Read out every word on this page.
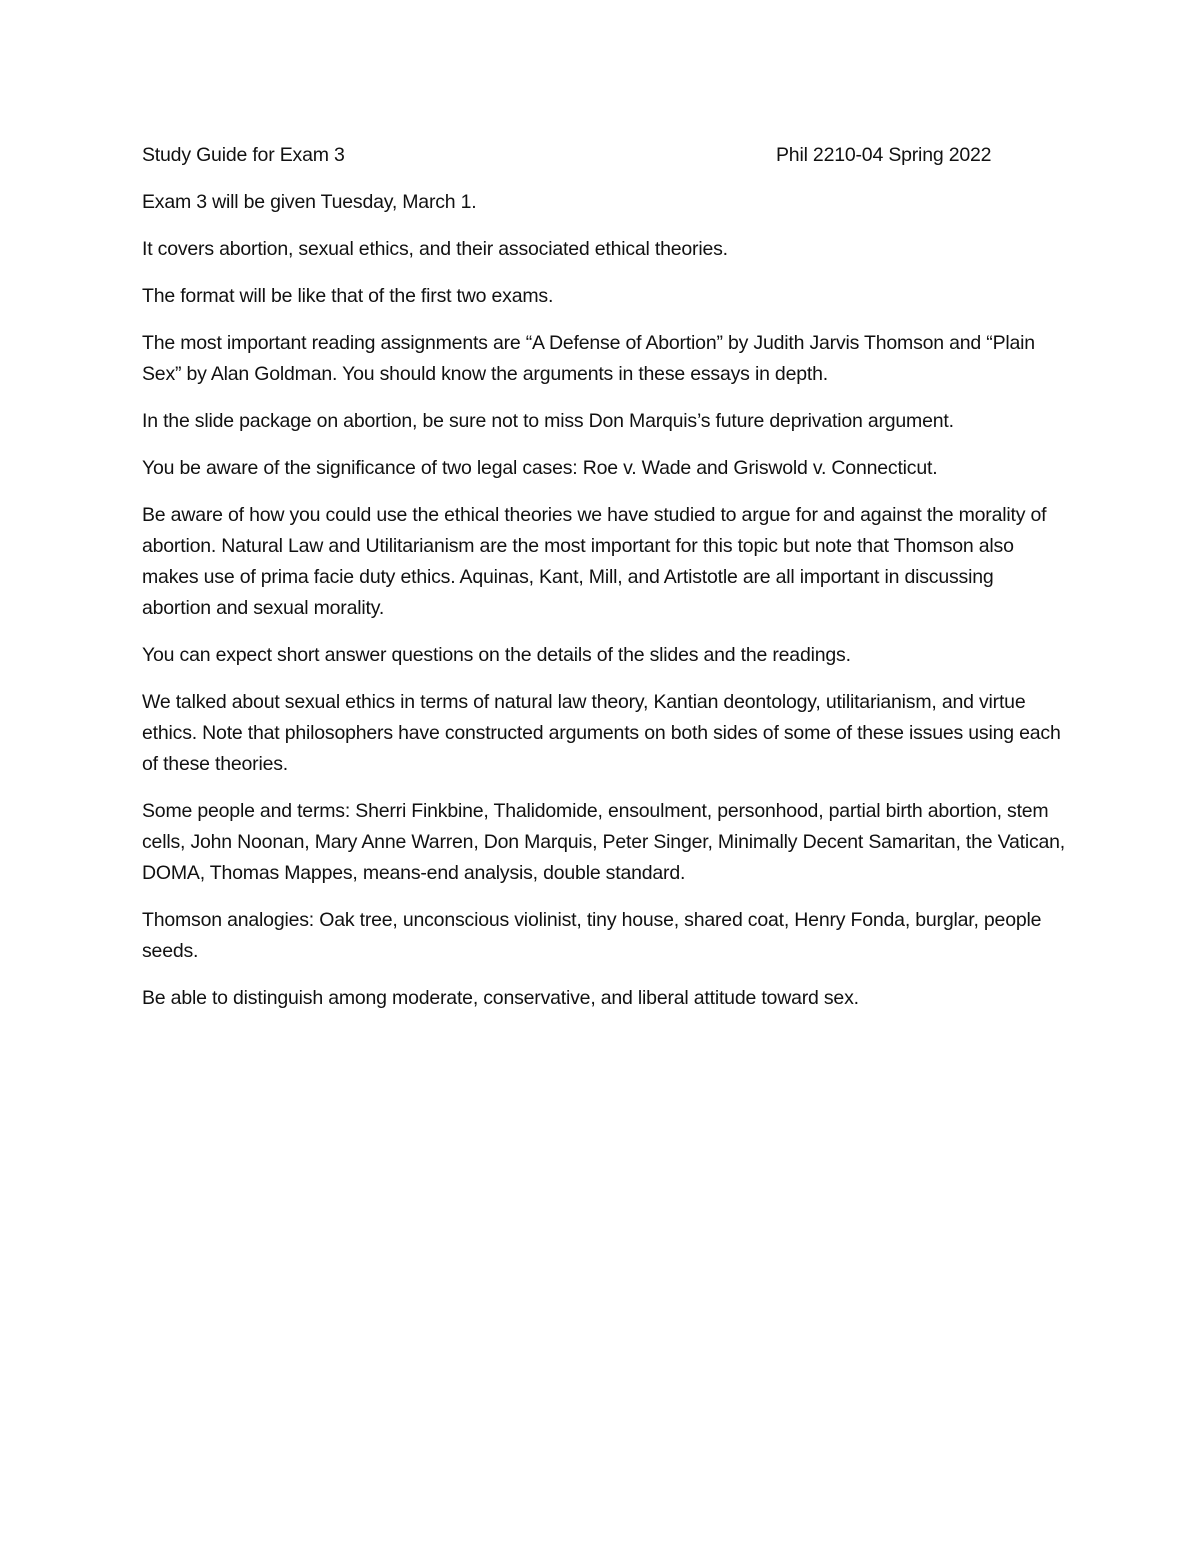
Study Guide for Exam 3	Phil 2210-04 Spring 2022

Exam 3 will be given Tuesday, March 1.

It covers abortion, sexual ethics, and their associated ethical theories.

The format will be like that of the first two exams.

The most important reading assignments are “A Defense of Abortion” by Judith Jarvis Thomson and “Plain Sex” by Alan Goldman. You should know the arguments in these essays in depth.

In the slide package on abortion, be sure not to miss Don Marquis’s future deprivation argument.

You be aware of the significance of two legal cases: Roe v. Wade and Griswold v. Connecticut.

Be aware of how you could use the ethical theories we have studied to argue for and against the morality of abortion. Natural Law and Utilitarianism are the most important for this topic but note that Thomson also makes use of prima facie duty ethics. Aquinas, Kant, Mill, and Artistotle are all important in discussing abortion and sexual morality.

You can expect short answer questions on the details of the slides and the readings.

We talked about sexual ethics in terms of natural law theory, Kantian deontology, utilitarianism, and virtue ethics. Note that philosophers have constructed arguments on both sides of some of these issues using each of these theories.

Some people and terms: Sherri Finkbine, Thalidomide, ensoulment, personhood, partial birth abortion, stem cells, John Noonan, Mary Anne Warren, Don Marquis, Peter Singer, Minimally Decent Samaritan, the Vatican, DOMA, Thomas Mappes, means-end analysis, double standard.

Thomson analogies: Oak tree, unconscious violinist, tiny house, shared coat, Henry Fonda, burglar, people seeds.

Be able to distinguish among moderate, conservative, and liberal attitude toward sex.
